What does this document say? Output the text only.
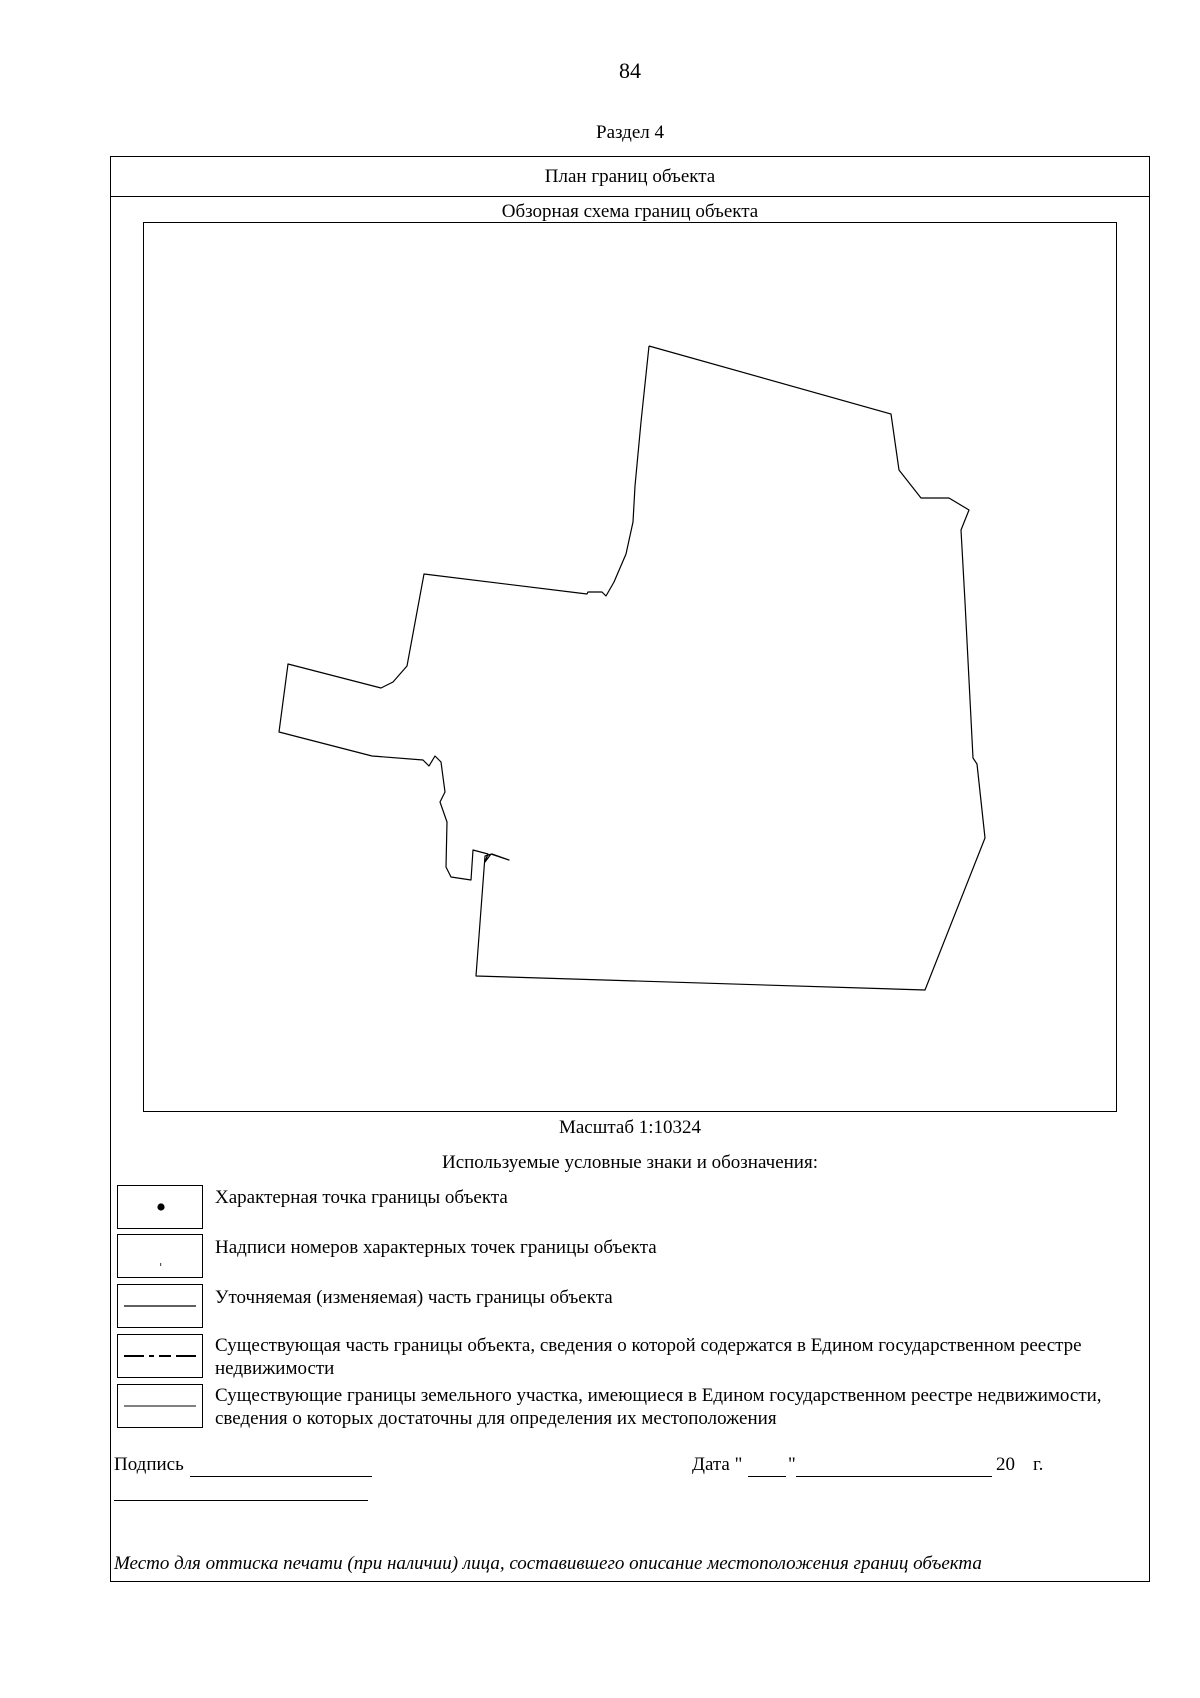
84
Раздел 4
План границ объекта
Обзорная схема границ объекта
Масштаб 1:10324
Используемые условные знаки и обозначения:
Характерная точка границы объекта
Надписи номеров характерных точек границы объекта
Уточняемая (изменяемая) часть границы объекта
Существующая часть границы объекта, сведения о которой содержатся в Едином государственном реестре недвижимости
Существующие границы земельного участка, имеющиеся в Едином государственном реестре недвижимости, сведения о которых достаточны для определения их местоположения
Подпись	Дата " "	20 г.
Место для оттиска печати (при наличии) лица, составившего описание местоположения границ объекта
